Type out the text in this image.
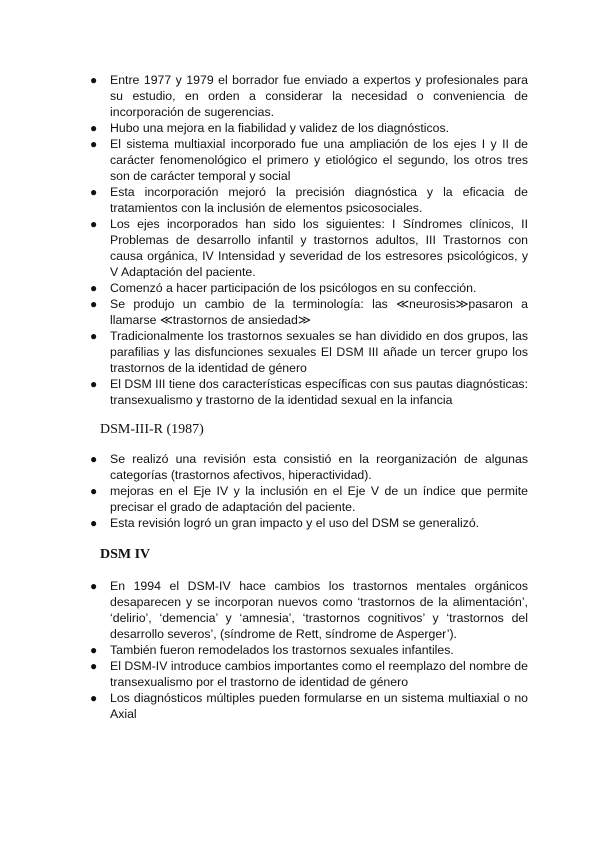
●	Entre 1977 y 1979 el borrador fue enviado a expertos y profesionales para su estudio, en orden a considerar la necesidad o conveniencia de incorporación de sugerencias.
●	Hubo una mejora en la fiabilidad y validez de los diagnósticos.
●	El sistema multiaxial incorporado fue una ampliación de los ejes I y II de carácter fenomenológico el primero y etiológico el segundo, los otros tres son de carácter temporal y social
●	Esta incorporación mejoró la precisión diagnóstica y la eficacia de tratamientos con la inclusión de elementos psicosociales.
●	Los ejes incorporados han sido los siguientes: I Síndromes clínicos, II Problemas de desarrollo infantil y trastornos adultos, III Trastornos con causa orgánica, IV Intensidad y severidad de los estresores psicológicos, y V Adaptación del paciente.
●	Comenzó a hacer participación de los psicólogos en su confección.
●	Se produjo un cambio de la terminología: las ≪neurosis≫pasaron a llamarse ≪trastornos de ansiedad≫
●	Tradicionalmente los trastornos sexuales se han dividido en dos grupos, las parafilias y las disfunciones sexuales El DSM III añade un tercer grupo los trastornos de la identidad de género
●	El DSM III tiene dos características específicas con sus pautas diagnósticas: transexualismo y trastorno de la identidad sexual en la infancia
DSM-III-R (1987)
●	Se realizó una revisión esta consistió en la reorganización de algunas categorías (trastornos afectivos, hiperactividad).
●	mejoras en el Eje IV y la inclusión en el Eje V de un índice que permite precisar el grado de adaptación del paciente.
●	Esta revisión logró un gran impacto y el uso del DSM se generalizó.
DSM IV
●	En 1994 el DSM-IV hace cambios los trastornos mentales orgánicos desaparecen y se incorporan nuevos como ‘trastornos de la alimentación’, ‘delirio’, ‘demencia’ y ‘amnesia’, ‘trastornos cognitivos’ y ‘trastornos del desarrollo severos’, (síndrome de Rett, síndrome de Asperger’).
●	También fueron remodelados los trastornos sexuales infantiles.
●	El DSM-IV introduce cambios importantes como el reemplazo del nombre de transexualismo por el trastorno de identidad de género
●	Los diagnósticos múltiples pueden formularse en un sistema multiaxial o no Axial
